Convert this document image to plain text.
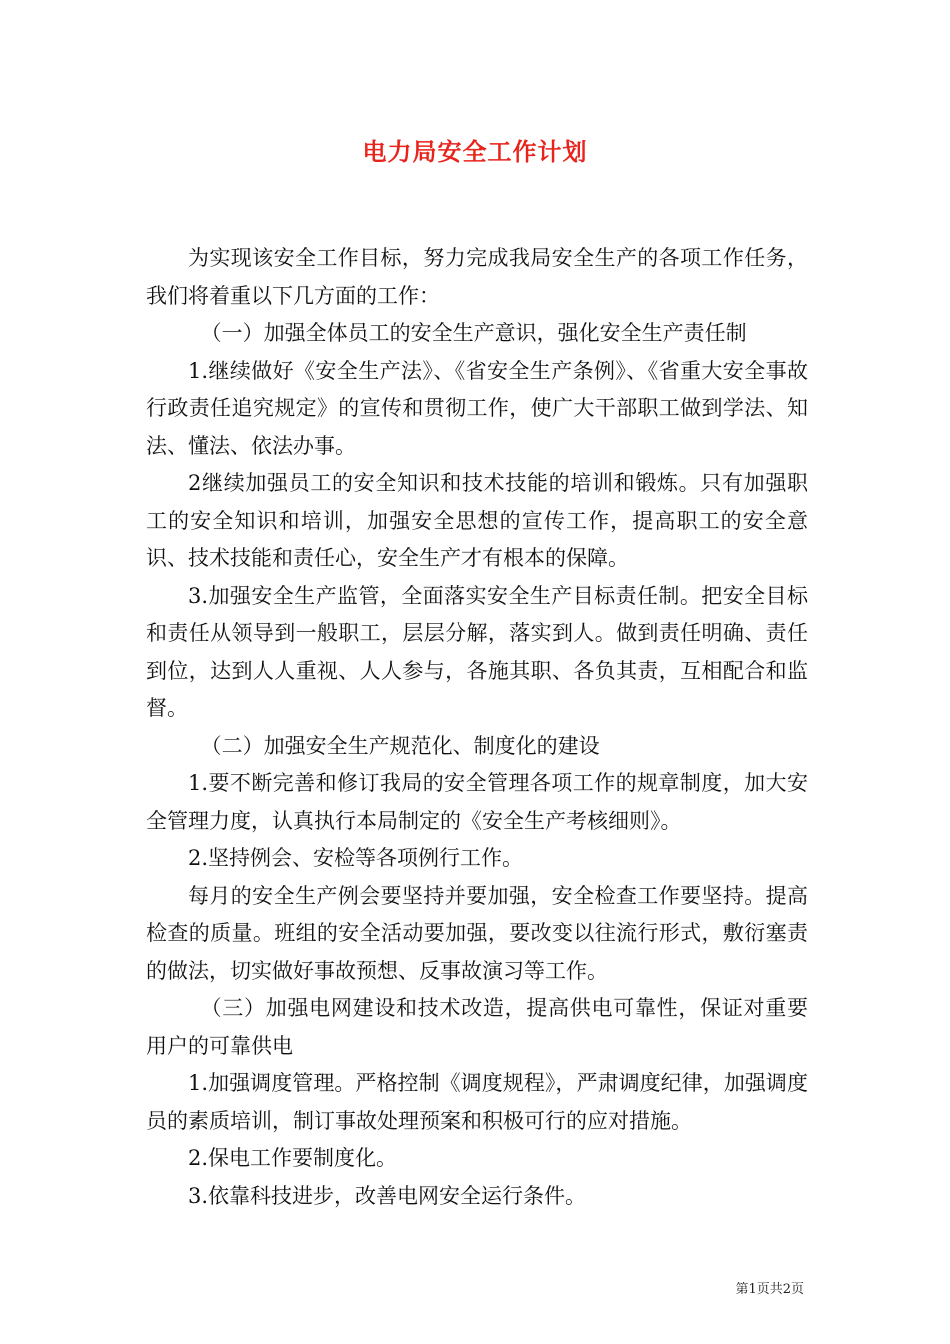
电力局安全工作计划

为实现该安全工作目标，努力完成我局安全生产的各项工作任务，我们将着重以下几方面的工作：

（一）加强全体员工的安全生产意识，强化安全生产责任制

1.继续做好《安全生产法》、《省安全生产条例》、《省重大安全事故行政责任追究规定》的宣传和贯彻工作，使广大干部职工做到学法、知法、懂法、依法办事。

2继续加强员工的安全知识和技术技能的培训和锻炼。只有加强职工的安全知识和培训，加强安全思想的宣传工作，提高职工的安全意识、技术技能和责任心，安全生产才有根本的保障。

3.加强安全生产监管，全面落实安全生产目标责任制。把安全目标和责任从领导到一般职工，层层分解，落实到人。做到责任明确、责任到位，达到人人重视、人人参与，各施其职、各负其责，互相配合和监督。

（二）加强安全生产规范化、制度化的建设

1.要不断完善和修订我局的安全管理各项工作的规章制度，加大安全管理力度，认真执行本局制定的《安全生产考核细则》。

2.坚持例会、安检等各项例行工作。

每月的安全生产例会要坚持并要加强，安全检查工作要坚持。提高检查的质量。班组的安全活动要加强，要改变以往流行形式，敷衍塞责的做法，切实做好事故预想、反事故演习等工作。

（三）加强电网建设和技术改造，提高供电可靠性，保证对重要用户的可靠供电

1.加强调度管理。严格控制《调度规程》，严肃调度纪律，加强调度员的素质培训，制订事故处理预案和积极可行的应对措施。

2.保电工作要制度化。

3.依靠科技进步，改善电网安全运行条件。

第1页共2页
